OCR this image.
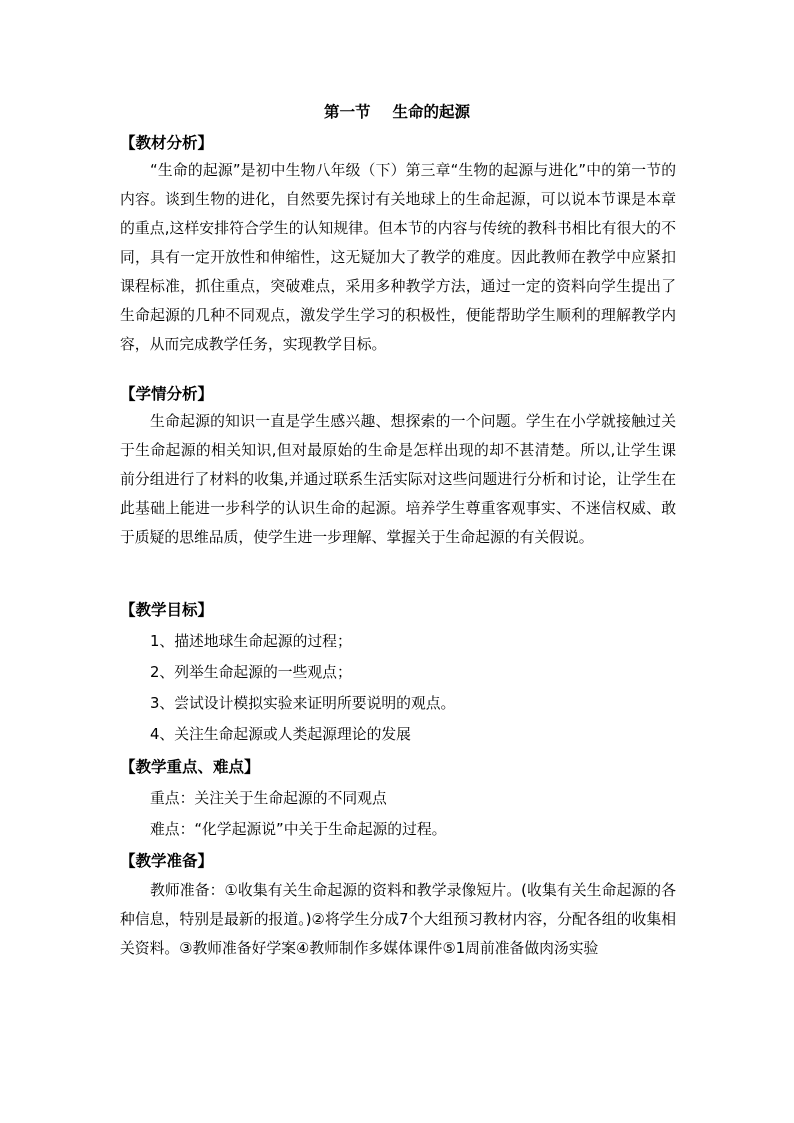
第一节 生命的起源
【教材分析】

“生命的起源”是初中生物八年级（下）第三章“生物的起源与进化”中的第一节的内容。谈到生物的进化，自然要先探讨有关地球上的生命起源，可以说本节课是本章的重点,这样安排符合学生的认知规律。但本节的内容与传统的教科书相比有很大的不同，具有一定开放性和伸缩性，这无疑加大了教学的难度。因此教师在教学中应紧扣课程标准，抓住重点，突破难点，采用多种教学方法，通过一定的资料向学生提出了生命起源的几种不同观点，激发学生学习的积极性，便能帮助学生顺利的理解教学内容，从而完成教学任务，实现教学目标。

【学情分析】

生命起源的知识一直是学生感兴趣、想探索的一个问题。学生在小学就接触过关于生命起源的相关知识,但对最原始的生命是怎样出现的却不甚清楚。所以,让学生课前分组进行了材料的收集,并通过联系生活实际对这些问题进行分析和讨论，让学生在此基础上能进一步科学的认识生命的起源。培养学生尊重客观事实、不迷信权威、敢于质疑的思维品质，使学生进一步理解、掌握关于生命起源的有关假说。

【教学目标】
1、描述地球生命起源的过程；
2、列举生命起源的一些观点；
3、尝试设计模拟实验来证明所要说明的观点。
4、关注生命起源或人类起源理论的发展
【教学重点、难点】
重点：关注关于生命起源的不同观点
难点：“化学起源说”中关于生命起源的过程。
【教学准备】

教师准备：①收集有关生命起源的资料和教学录像短片。(收集有关生命起源的各种信息，特别是最新的报道。)②将学生分成7个大组预习教材内容，分配各组的收集相关资料。③教师准备好学案④教师制作多媒体课件⑤1周前准备做肉汤实验
